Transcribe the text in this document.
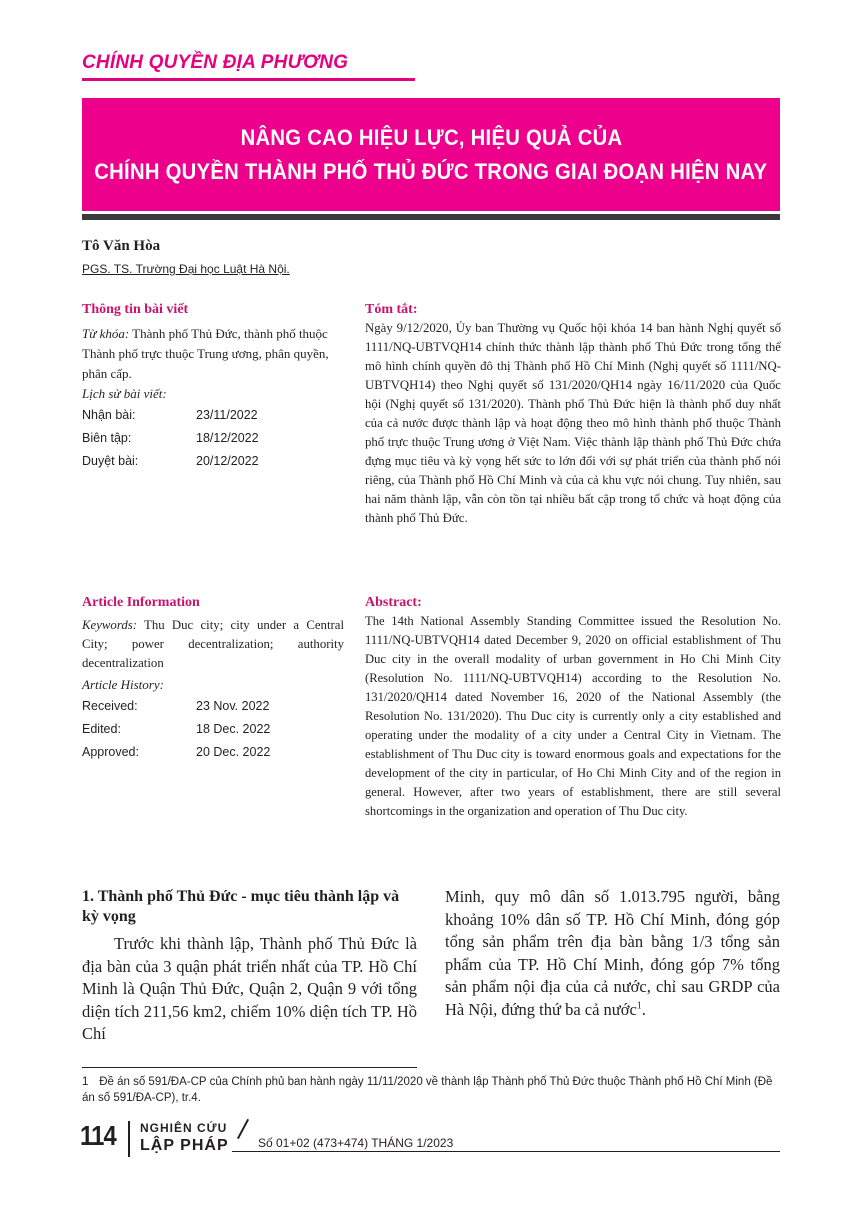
CHÍNH QUYỀN ĐỊA PHƯƠNG
NÂNG CAO HIỆU LỰC, HIỆU QUẢ CỦA
CHÍNH QUYỀN THÀNH PHỐ THỦ ĐỨC TRONG GIAI ĐOẠN HIỆN NAY
Tô Văn Hòa
PGS. TS. Trường Đại học Luật Hà Nội.
Thông tin bài viết
Từ khóa: Thành phố Thủ Đức, thành phố thuộc Thành phố trực thuộc Trung ương, phân quyền, phân cấp.
Lịch sử bài viết:
Nhận bài:	23/11/2022
Biên tập:	18/12/2022
Duyệt bài:	20/12/2022
Tóm tắt:
Ngày 9/12/2020, Ủy ban Thường vụ Quốc hội khóa 14 ban hành Nghị quyết số 1111/NQ-UBTVQH14 chính thức thành lập thành phố Thủ Đức trong tổng thể mô hình chính quyền đô thị Thành phố Hồ Chí Minh (Nghị quyết số 1111/NQ-UBTVQH14) theo Nghị quyết số 131/2020/QH14 ngày 16/11/2020 của Quốc hội (Nghị quyết số 131/2020). Thành phố Thủ Đức hiện là thành phố duy nhất của cả nước được thành lập và hoạt động theo mô hình thành phố thuộc Thành phố trực thuộc Trung ương ở Việt Nam. Việc thành lập thành phố Thủ Đức chứa đựng mục tiêu và kỳ vọng hết sức to lớn đối với sự phát triển của thành phố nói riêng, của Thành phố Hồ Chí Minh và của cả khu vực nói chung. Tuy nhiên, sau hai năm thành lập, vẫn còn tồn tại nhiều bất cập trong tổ chức và hoạt động của thành phố Thủ Đức.
Article Information
Keywords: Thu Duc city; city under a Central City; power decentralization; authority decentralization
Article History:
Received:	23 Nov. 2022
Edited:	18 Dec. 2022
Approved:	20 Dec. 2022
Abstract:
The 14th National Assembly Standing Committee issued the Resolution No. 1111/NQ-UBTVQH14 dated December 9, 2020 on official establishment of Thu Duc city in the overall modality of urban government in Ho Chi Minh City (Resolution No. 1111/NQ-UBTVQH14) according to the Resolution No. 131/2020/QH14 dated November 16, 2020 of the National Assembly (the Resolution No. 131/2020). Thu Duc city is currently only a city established and operating under the modality of a city under a Central City in Vietnam. The establishment of Thu Duc city is toward enormous goals and expectations for the development of the city in particular, of Ho Chi Minh City and of the region in general. However, after two years of establishment, there are still several shortcomings in the organization and operation of Thu Duc city.
1. Thành phố Thủ Đức - mục tiêu thành lập và kỳ vọng
Trước khi thành lập, Thành phố Thủ Đức là địa bàn của 3 quận phát triển nhất của TP. Hồ Chí Minh là Quận Thủ Đức, Quận 2, Quận 9 với tổng diện tích 211,56 km2, chiếm 10% diện tích TP. Hồ Chí
Minh, quy mô dân số 1.013.795 người, bằng khoảng 10% dân số TP. Hồ Chí Minh, đóng góp tổng sản phẩm trên địa bàn bằng 1/3 tổng sản phẩm của TP. Hồ Chí Minh, đóng góp 7% tổng sản phẩm nội địa của cả nước, chỉ sau GRDP của Hà Nội, đứng thứ ba cả nước$^1$.
1 Đề án số 591/ĐA-CP của Chính phủ ban hành ngày 11/11/2020 về thành lập Thành phố Thủ Đức thuộc Thành phố Hồ Chí Minh (Đề án số 591/ĐA-CP), tr.4.
114 NGHIÊN CỨU
LẬP PHÁP Số 01+02 (473+474) THÁNG 1/2023
